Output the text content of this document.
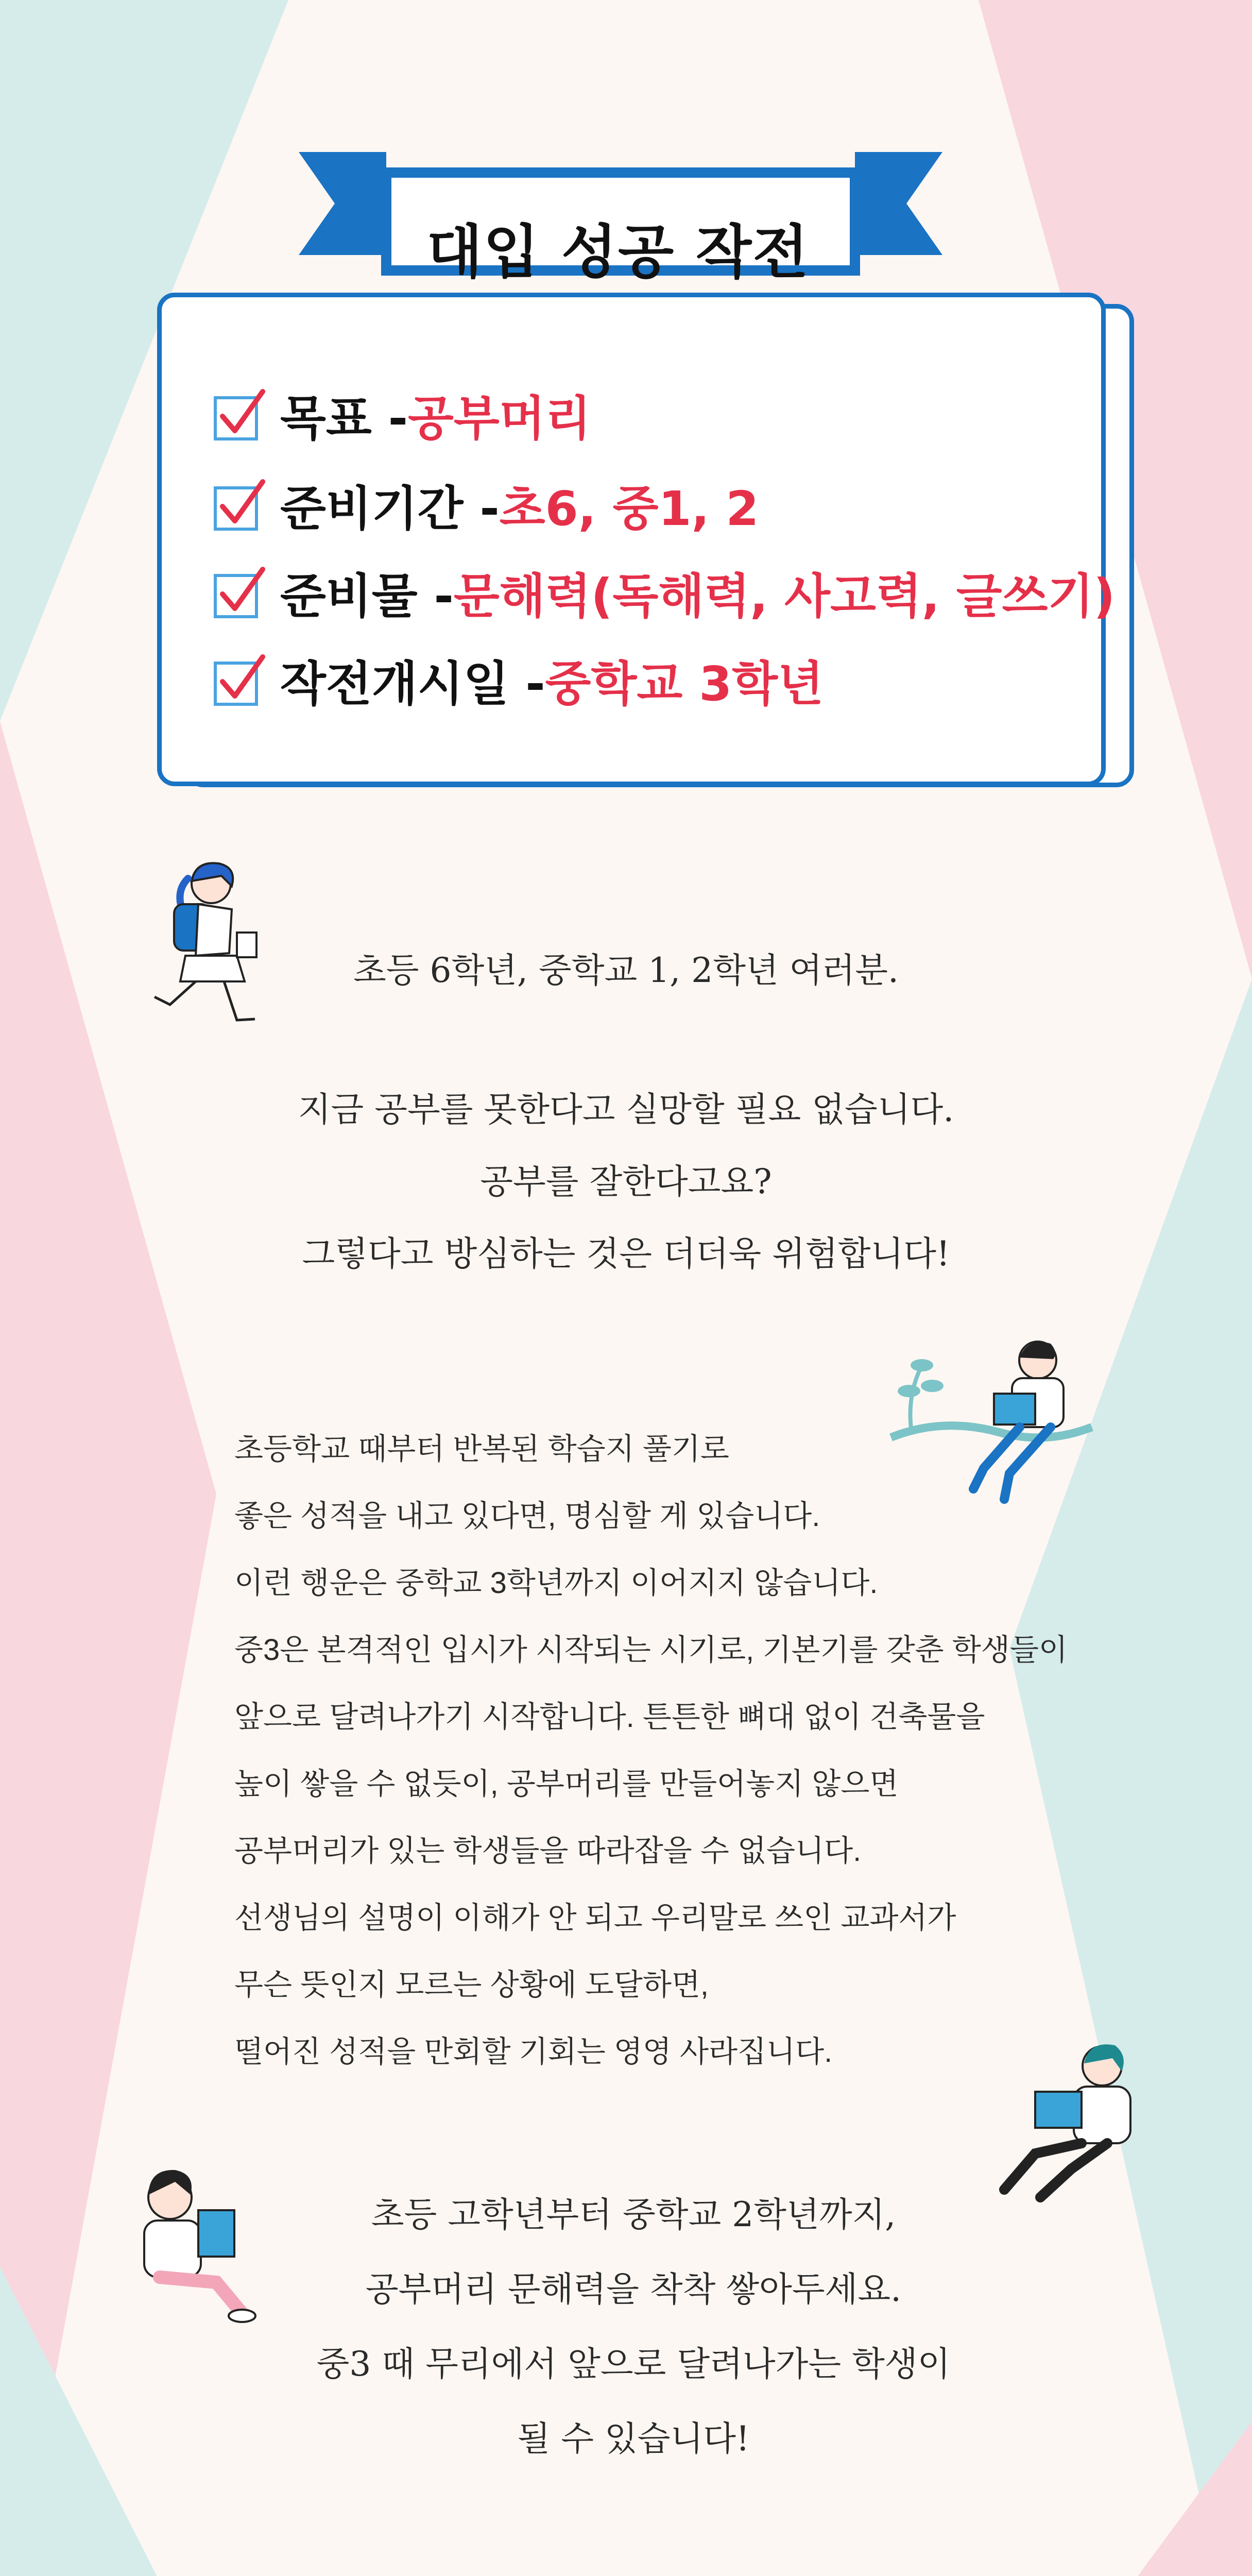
대입 성공 작전
목표 - 공부머리
준비기간 - 초6, 중1, 2
준비물 - 문해력(독해력, 사고력, 글쓰기)
작전개시일 - 중학교 3학년
초등 6학년, 중학교 1, 2학년 여러분.
지금 공부를 못한다고 실망할 필요 없습니다.
공부를 잘한다고요?
그렇다고 방심하는 것은 더더욱 위험합니다!
초등학교 때부터 반복된 학습지 풀기로
좋은 성적을 내고 있다면, 명심할 게 있습니다.
이런 행운은 중학교 3학년까지 이어지지 않습니다.
중3은 본격적인 입시가 시작되는 시기로, 기본기를 갖춘 학생들이
앞으로 달려나가기 시작합니다. 튼튼한 뼈대 없이 건축물을
높이 쌓을 수 없듯이, 공부머리를 만들어놓지 않으면
공부머리가 있는 학생들을 따라잡을 수 없습니다.
선생님의 설명이 이해가 안 되고 우리말로 쓰인 교과서가
무슨 뜻인지 모르는 상황에 도달하면,
떨어진 성적을 만회할 기회는 영영 사라집니다.
초등 고학년부터 중학교 2학년까지,
공부머리 문해력을 착착 쌓아두세요.
중3 때 무리에서 앞으로 달려나가는 학생이
될 수 있습니다!
